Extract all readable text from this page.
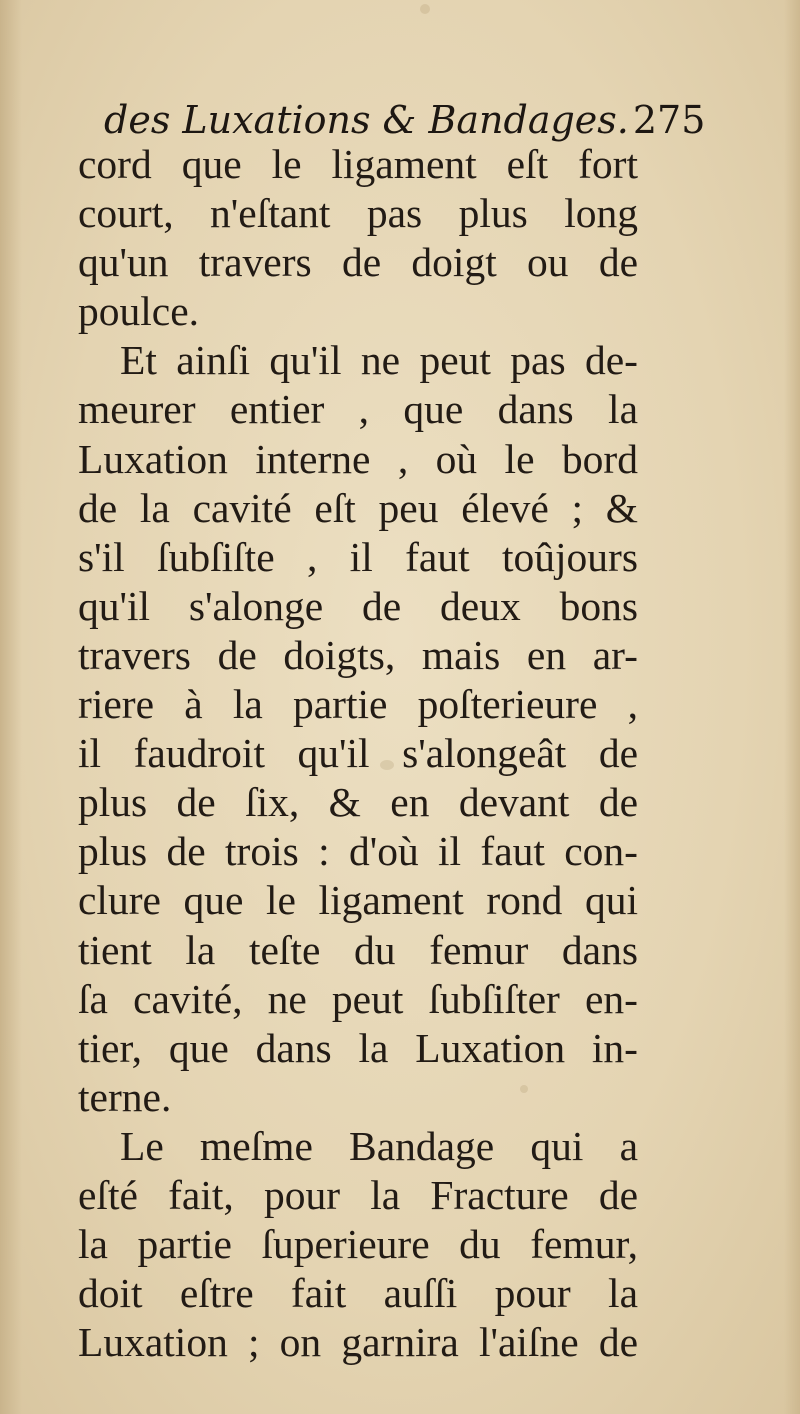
des Luxations & Bandages. 275
cord que le ligament eſt fort
court, n'eſtant pas plus long
qu'un travers de doigt ou de
poulce.
Et ainſi qu'il ne peut pas de-
meurer entier , que dans la
Luxation interne , où le bord
de la cavité eſt peu élevé ; &
s'il ſubſiſte , il faut toûjours
qu'il s'alonge de deux bons
travers de doigts, mais en ar-
riere à la partie poſterieure ,
il faudroit qu'il s'alongeât de
plus de ſix, & en devant de
plus de trois : d'où il faut con-
clure que le ligament rond qui
tient la teſte du femur dans
ſa cavité, ne peut ſubſiſter en-
tier, que dans la Luxation in-
terne.
Le meſme Bandage qui a
eſté fait, pour la Fracture de
la partie ſuperieure du femur,
doit eſtre fait auſſi pour la
Luxation ; on garnira l'aiſne de
